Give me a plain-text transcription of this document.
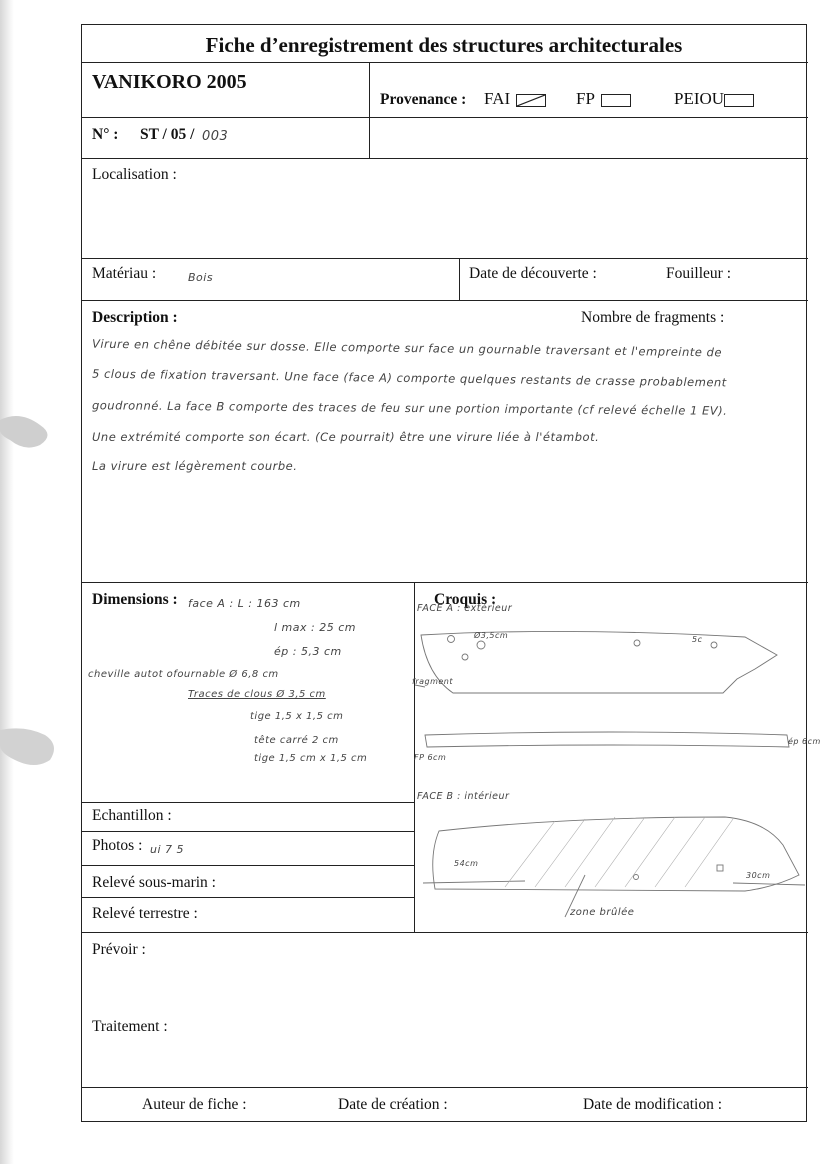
Fiche d’enregistrement des structures architecturales
VANIKORO 2005
Provenance : FAI	FP	PEIOU
N° : ST / 05 / 003
Localisation :
Matériau :	Bois	Date de découverte :	Fouilleur :
Description :	Nombre de fragments :
Virure en chêne débitée sur dosse. Elle comporte sur face un gournable traversant et l'empreinte de
5 clous de fixation traversant. Une face (face A) comporte quelques restants de crasse probablement
goudronné. La face B comporte des traces de feu sur une portion importante (cf relevé échelle 1 EV).
Une extrémité comporte son écart. (Ce pourrait) être une virure liée à l'étambot.
La virure est légèrement courbe.
Dimensions : face A : L : 163 cm
l max : 25 cm
ép : 5,3 cm
cheville autot ofournable Ø 6,8 cm
Traces de clous Ø 3,5 cm
tige 1,5 x 1,5 cm
tête carré 2 cm
tige 1,5 cm x 1,5 cm
Croquis :
FACE A : extérieur
FACE B : intérieur
zone brûlée
fragment
FP 6cm
ép 6cm
Ø3,5cm	5c
54cm
30cm
Echantillon :
Photos : ui 7 5
Relevé sous-marin :
Relevé terrestre :
Prévoir :
Traitement :
Auteur de fiche :	Date de création :	Date de modification :
